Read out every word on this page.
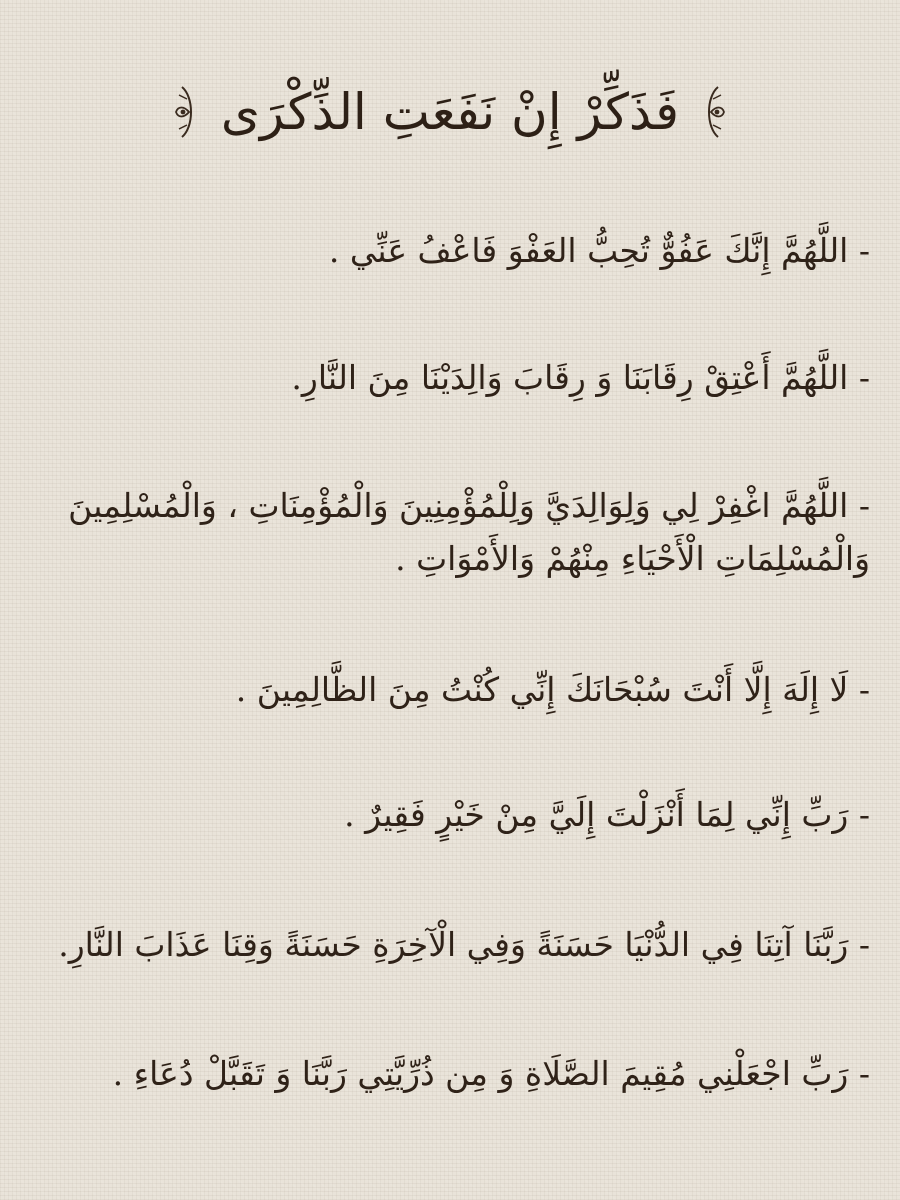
فَذَكِّرْ إِنْ نَفَعَتِ الذِّكْرَى
- اللَّهُمَّ إِنَّكَ عَفُوٌّ تُحِبُّ العَفْوَ فَاعْفُ عَنِّي .
- اللَّهُمَّ أَعْتِقْ رِقَابَنَا وَ رِقَابَ وَالِدَيْنَا مِنَ النَّارِ.
- اللَّهُمَّ اغْفِرْ لِي وَلِوَالِدَيَّ وَلِلْمُؤْمِنِينَ وَالْمُؤْمِنَاتِ ، وَالْمُسْلِمِينَ وَالْمُسْلِمَاتِ الْأَحْيَاءِ مِنْهُمْ وَالأَمْوَاتِ .
- لَا إِلَهَ إِلَّا أَنْتَ سُبْحَانَكَ إِنِّي كُنْتُ مِنَ الظَّالِمِينَ .
- رَبِّ إِنِّي لِمَا أَنْزَلْتَ إِلَيَّ مِنْ خَيْرٍ فَقِيرٌ .
- رَبَّنَا آتِنَا فِي الدُّنْيَا حَسَنَةً وَفِي الْآخِرَةِ حَسَنَةً وَقِنَا عَذَابَ النَّارِ.
- رَبِّ اجْعَلْنِي مُقِيمَ الصَّلَاةِ وَ مِن ذُرِّيَّتِي رَبَّنَا وَ تَقَبَّلْ دُعَاءِ .
